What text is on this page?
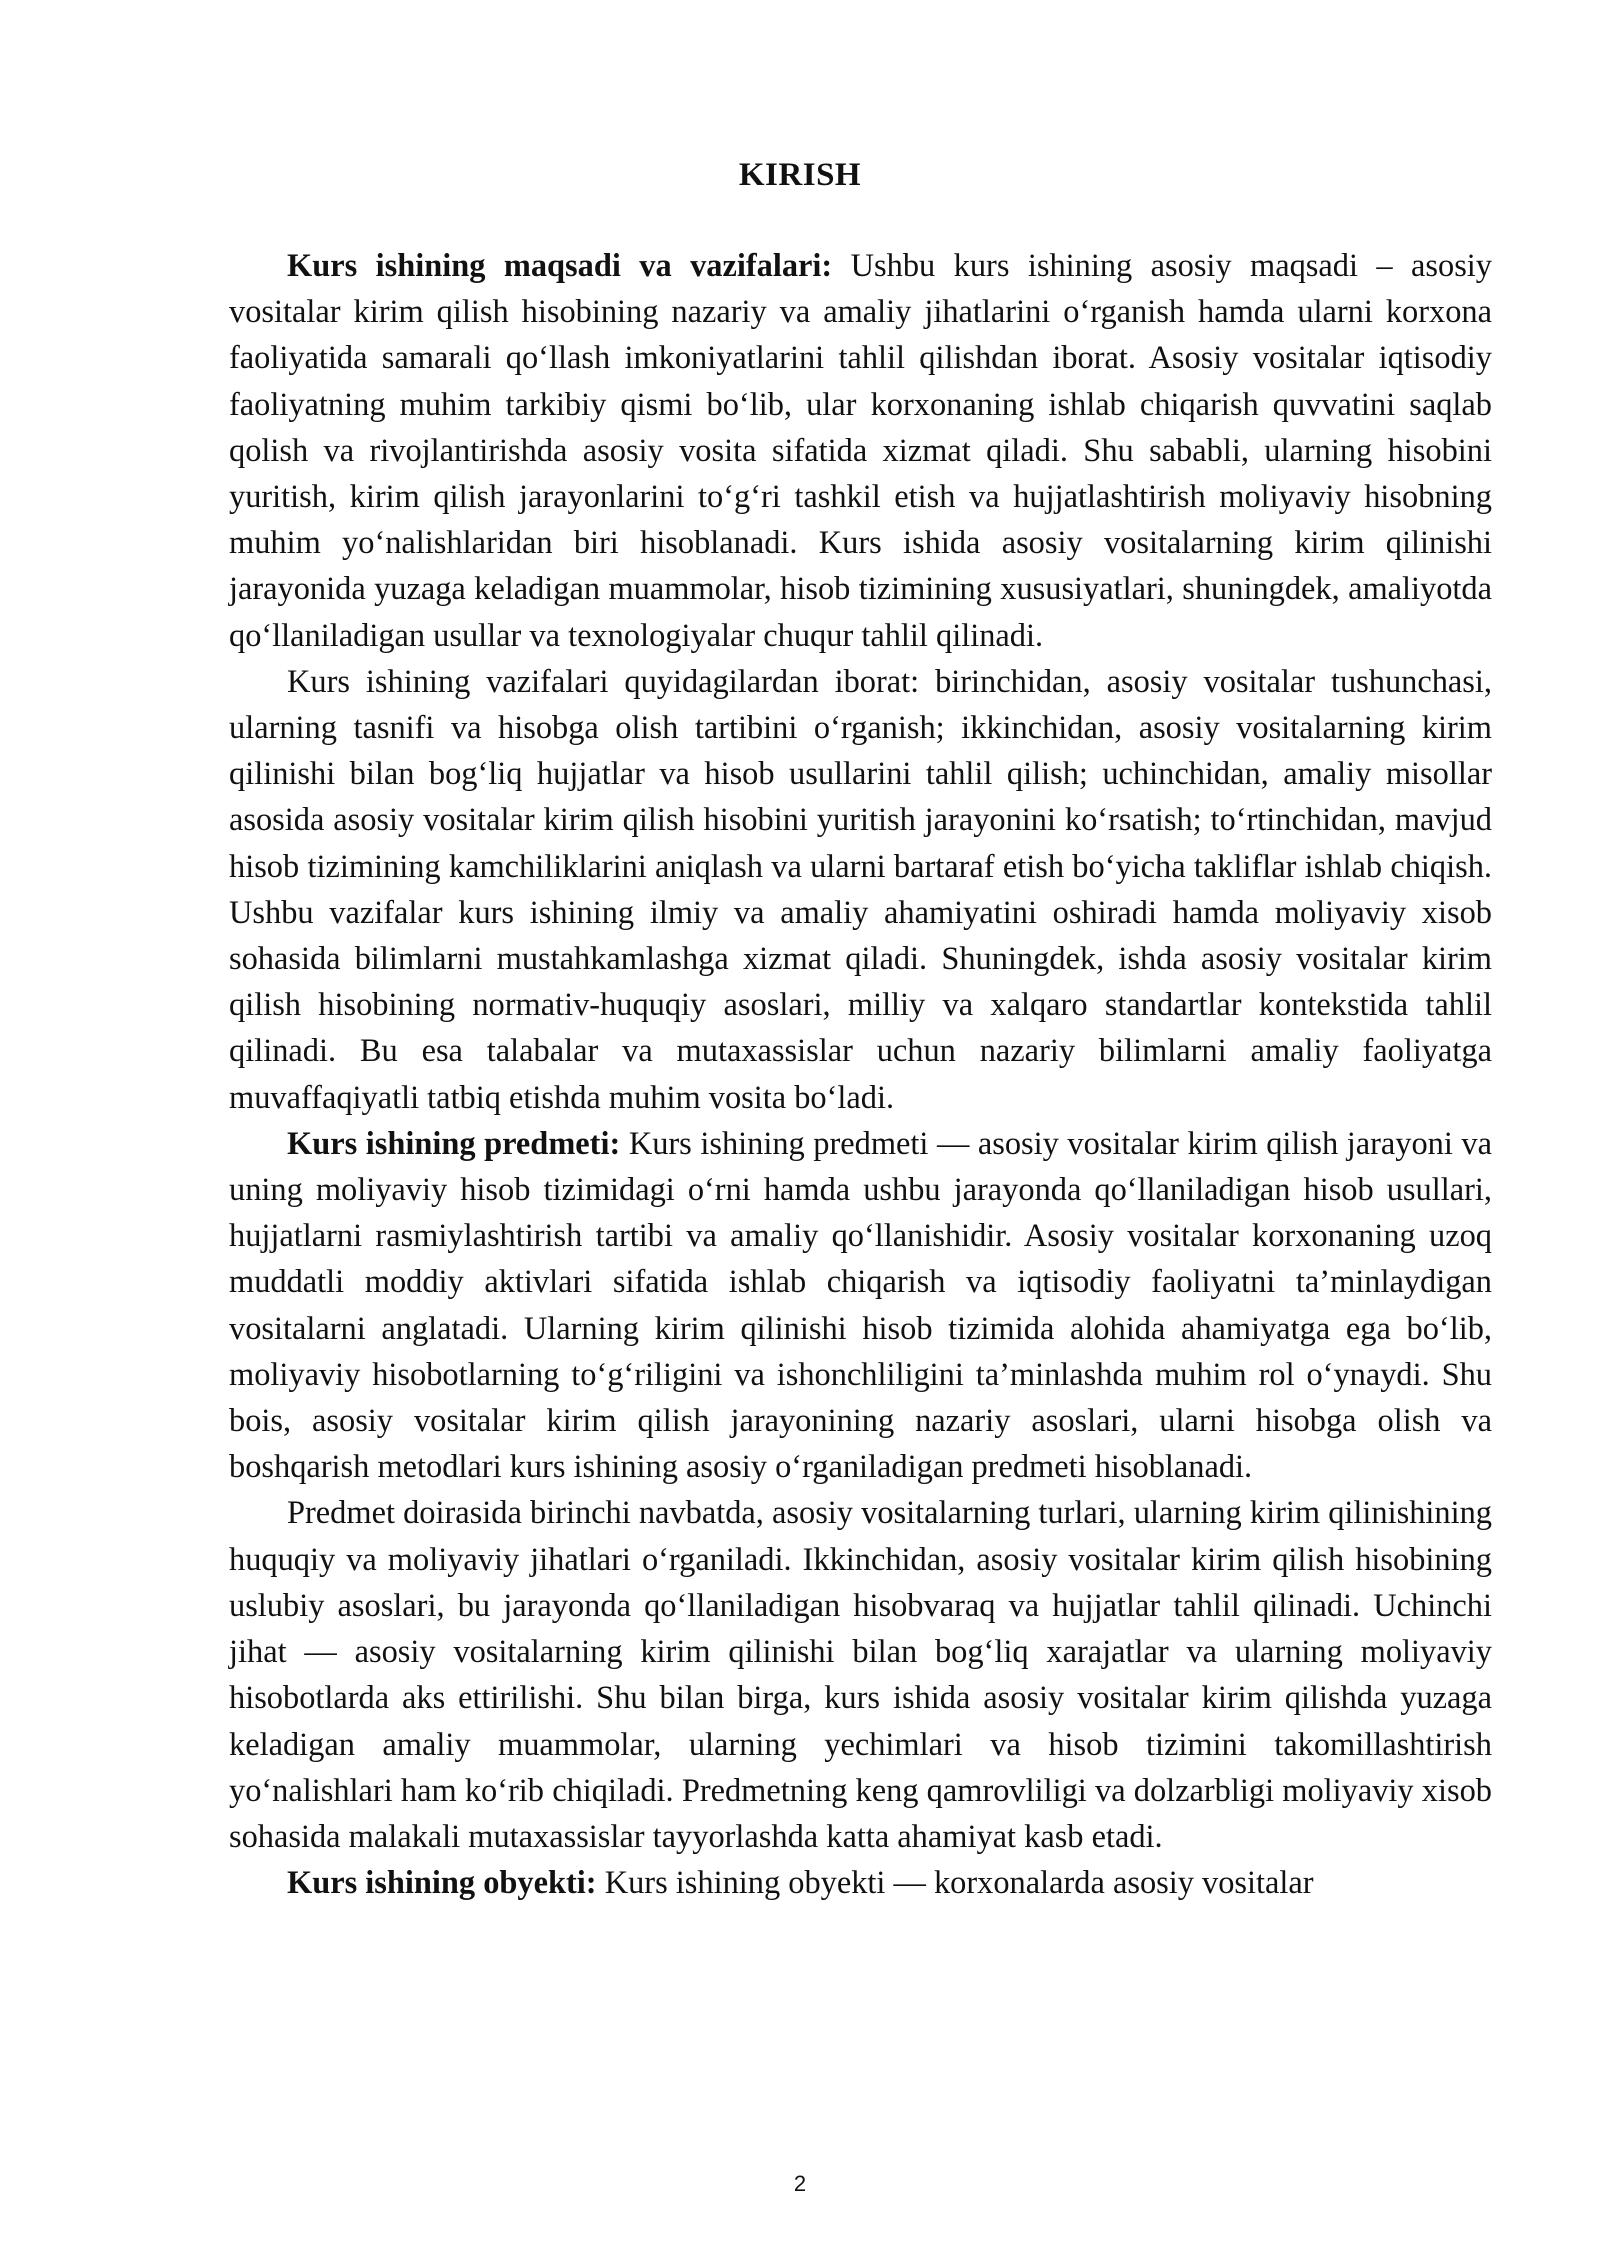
KIRISH

Kurs ishining maqsadi va vazifalari: Ushbu kurs ishining asosiy maqsadi – asosiy vositalar kirim qilish hisobining nazariy va amaliy jihatlarini o‘rganish hamda ularni korxona faoliyatida samarali qo‘llash imkoniyatlarini tahlil qilishdan iborat. Asosiy vositalar iqtisodiy faoliyatning muhim tarkibiy qismi bo‘lib, ular korxonaning ishlab chiqarish quvvatini saqlab qolish va rivojlantirishda asosiy vosita sifatida xizmat qiladi. Shu sababli, ularning hisobini yuritish, kirim qilish jarayonlarini to‘g‘ri tashkil etish va hujjatlashtirish moliyaviy hisobning muhim yo‘nalishlaridan biri hisoblanadi. Kurs ishida asosiy vositalarning kirim qilinishi jarayonida yuzaga keladigan muammolar, hisob tizimining xususiyatlari, shuningdek, amaliyotda qo‘llaniladigan usullar va texnologiyalar chuqur tahlil qilinadi.

Kurs ishining vazifalari quyidagilardan iborat: birinchidan, asosiy vositalar tushunchasi, ularning tasnifi va hisobga olish tartibini o‘rganish; ikkinchidan, asosiy vositalarning kirim qilinishi bilan bog‘liq hujjatlar va hisob usullarini tahlil qilish; uchinchidan, amaliy misollar asosida asosiy vositalar kirim qilish hisobini yuritish jarayonini ko‘rsatish; to‘rtinchidan, mavjud hisob tizimining kamchiliklarini aniqlash va ularni bartaraf etish bo‘yicha takliflar ishlab chiqish. Ushbu vazifalar kurs ishining ilmiy va amaliy ahamiyatini oshiradi hamda moliyaviy xisob sohasida bilimlarni mustahkamlashga xizmat qiladi. Shuningdek, ishda asosiy vositalar kirim qilish hisobining normativ-huquqiy asoslari, milliy va xalqaro standartlar kontekstida tahlil qilinadi. Bu esa talabalar va mutaxassislar uchun nazariy bilimlarni amaliy faoliyatga muvaffaqiyatli tatbiq etishda muhim vosita bo‘ladi.

Kurs ishining predmeti: Kurs ishining predmeti — asosiy vositalar kirim qilish jarayoni va uning moliyaviy hisob tizimidagi o‘rni hamda ushbu jarayonda qo‘llaniladigan hisob usullari, hujjatlarni rasmiylashtirish tartibi va amaliy qo‘llanishidir. Asosiy vositalar korxonaning uzoq muddatli moddiy aktivlari sifatida ishlab chiqarish va iqtisodiy faoliyatni ta’minlaydigan vositalarni anglatadi. Ularning kirim qilinishi hisob tizimida alohida ahamiyatga ega bo‘lib, moliyaviy hisobotlarning to‘g‘riligini va ishonchliligini ta’minlashda muhim rol o‘ynaydi. Shu bois, asosiy vositalar kirim qilish jarayonining nazariy asoslari, ularni hisobga olish va boshqarish metodlari kurs ishining asosiy o‘rganiladigan predmeti hisoblanadi.

Predmet doirasida birinchi navbatda, asosiy vositalarning turlari, ularning kirim qilinishining huquqiy va moliyaviy jihatlari o‘rganiladi. Ikkinchidan, asosiy vositalar kirim qilish hisobining uslubiy asoslari, bu jarayonda qo‘llaniladigan hisobvaraq va hujjatlar tahlil qilinadi. Uchinchi jihat — asosiy vositalarning kirim qilinishi bilan bog‘liq xarajatlar va ularning moliyaviy hisobotlarda aks ettirilishi. Shu bilan birga, kurs ishida asosiy vositalar kirim qilishda yuzaga keladigan amaliy muammolar, ularning yechimlari va hisob tizimini takomillashtirish yo‘nalishlari ham ko‘rib chiqiladi. Predmetning keng qamrovliligi va dolzarbligi moliyaviy xisob sohasida malakali mutaxassislar tayyorlashda katta ahamiyat kasb etadi.

Kurs ishining obyekti: Kurs ishining obyekti — korxonalarda asosiy vositalar

2
